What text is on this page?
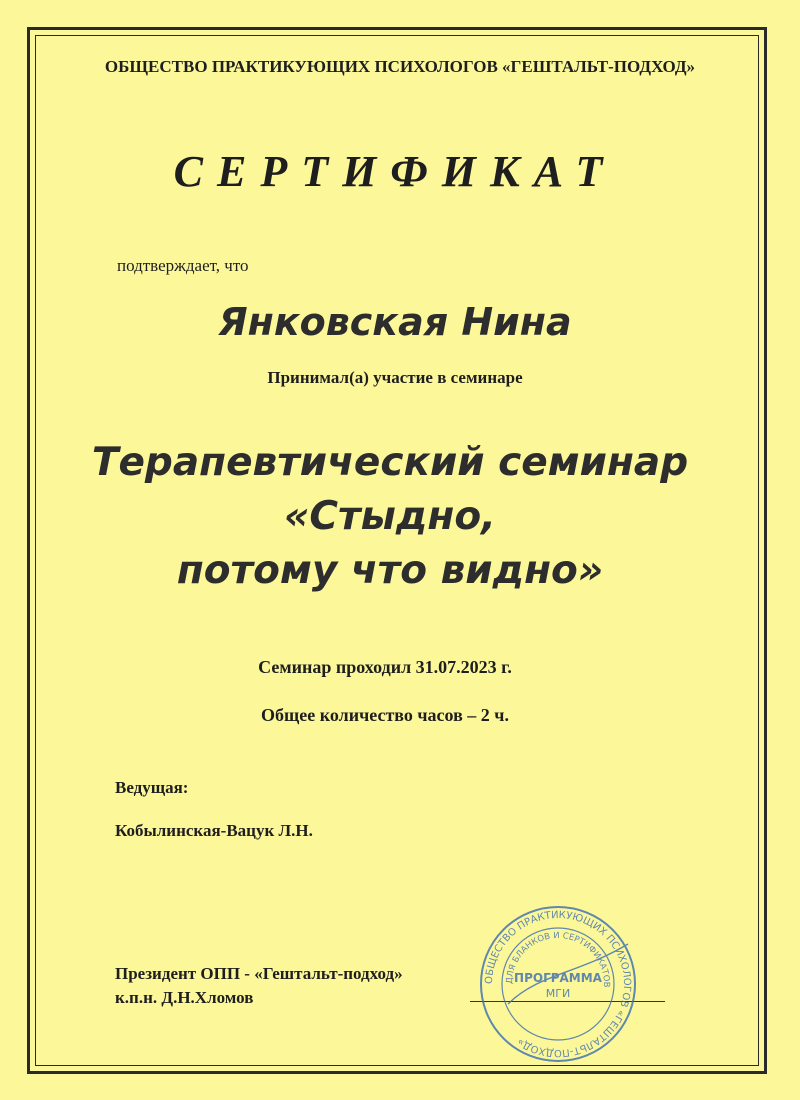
ОБЩЕСТВО ПРАКТИКУЮЩИХ ПСИХОЛОГОВ «ГЕШТАЛЬТ-ПОДХОД»
СЕРТИФИКАТ
подтверждает, что
Янковская Нина
Принимал(а) участие в семинаре
Терапевтический семинар
«Стыдно,
потому что видно»
Семинар проходил 31.07.2023 г.
Общее количество часов – 2 ч.
Ведущая:
Кобылинская-Вацук Л.Н.
Президент ОПП - «Гештальт-подход»
к.п.н. Д.Н.Хломов
ОБЩЕСТВО ПРАКТИКУЮЩИХ ПСИХОЛОГОВ «ГЕШТАЛЬТ-ПОДХОД»
ДЛЯ БЛАНКОВ И СЕРТИФИКАТОВ
ПРОГРАММА
МГИ
